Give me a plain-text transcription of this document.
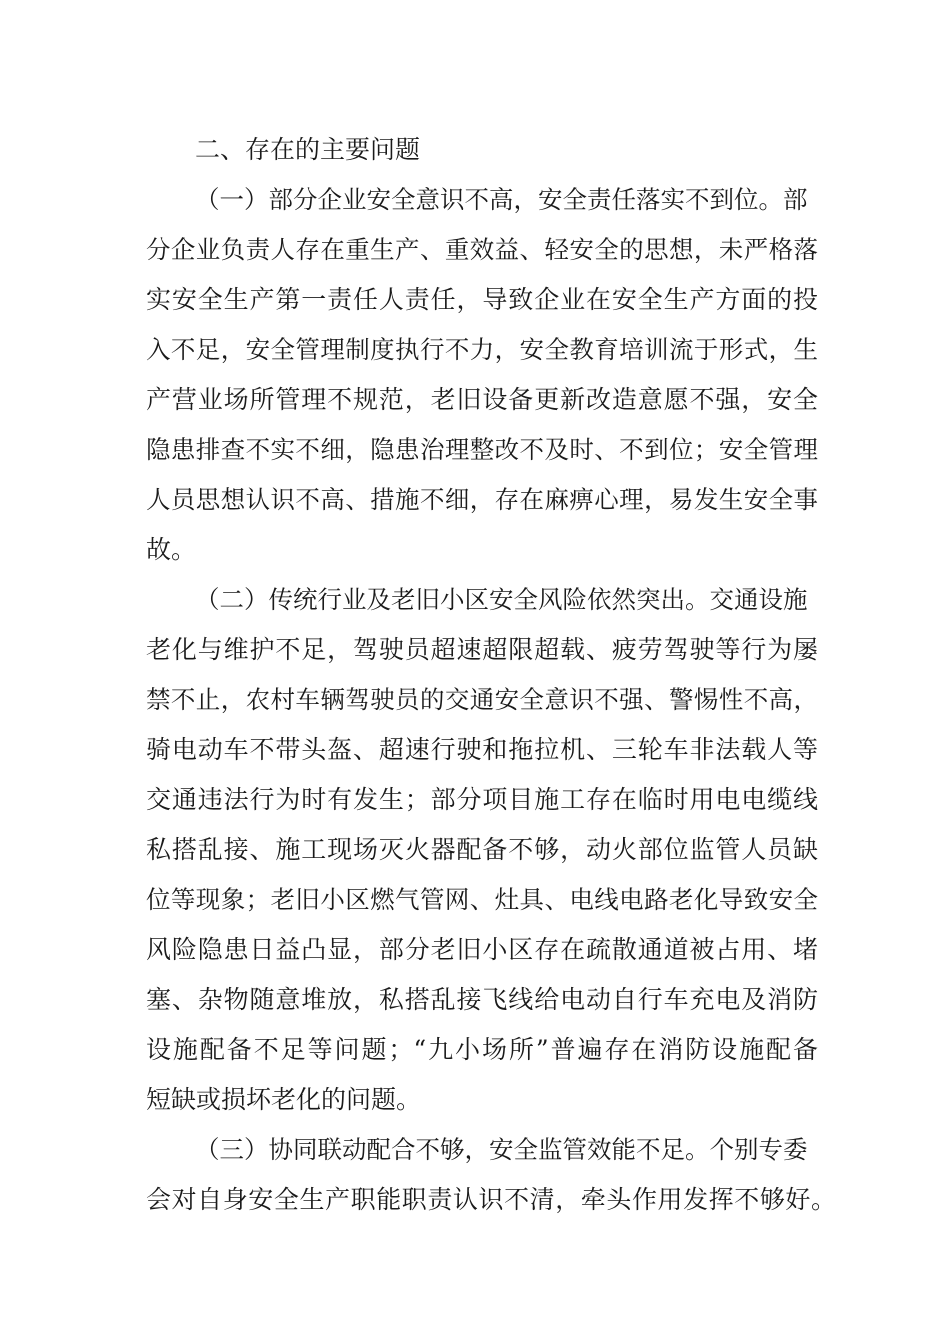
二、存在的主要问题
（一）部分企业安全意识不高，安全责任落实不到位。部
分企业负责人存在重生产、重效益、轻安全的思想，未严格落
实安全生产第一责任人责任，导致企业在安全生产方面的投
入不足，安全管理制度执行不力，安全教育培训流于形式，生
产营业场所管理不规范，老旧设备更新改造意愿不强，安全
隐患排查不实不细，隐患治理整改不及时、不到位；安全管理
人员思想认识不高、措施不细，存在麻痹心理，易发生安全事
故。
（二）传统行业及老旧小区安全风险依然突出。交通设施
老化与维护不足，驾驶员超速超限超载、疲劳驾驶等行为屡
禁不止，农村车辆驾驶员的交通安全意识不强、警惕性不高，
骑电动车不带头盔、超速行驶和拖拉机、三轮车非法载人等
交通违法行为时有发生；部分项目施工存在临时用电电缆线
私搭乱接、施工现场灭火器配备不够，动火部位监管人员缺
位等现象；老旧小区燃气管网、灶具、电线电路老化导致安全
风险隐患日益凸显，部分老旧小区存在疏散通道被占用、堵
塞、杂物随意堆放，私搭乱接飞线给电动自行车充电及消防
设施配备不足等问题；“九小场所”普遍存在消防设施配备
短缺或损坏老化的问题。
（三）协同联动配合不够，安全监管效能不足。个别专委
会对自身安全生产职能职责认识不清，牵头作用发挥不够好。
